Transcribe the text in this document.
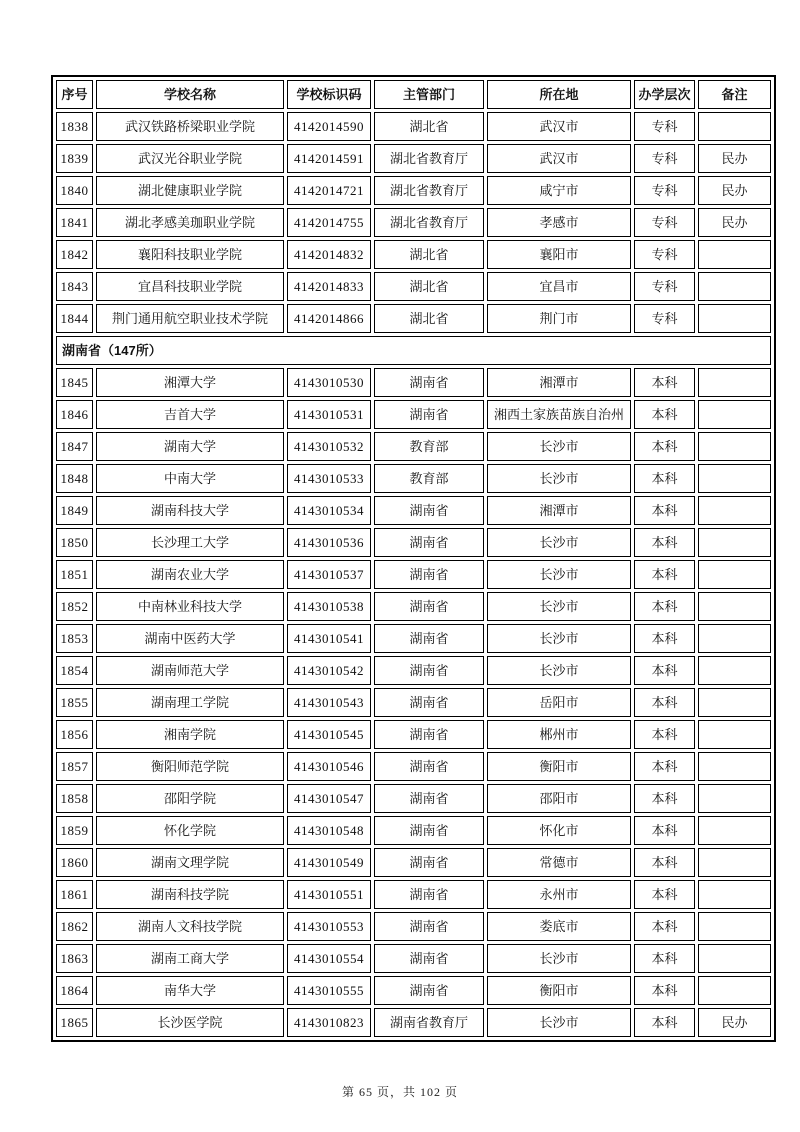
序号	学校名称	学校标识码	主管部门	所在地	办学层次	备注
1838	武汉铁路桥梁职业学院	4142014590	湖北省	武汉市	专科	
1839	武汉光谷职业学院	4142014591	湖北省教育厅	武汉市	专科	民办
1840	湖北健康职业学院	4142014721	湖北省教育厅	咸宁市	专科	民办
1841	湖北孝感美珈职业学院	4142014755	湖北省教育厅	孝感市	专科	民办
1842	襄阳科技职业学院	4142014832	湖北省	襄阳市	专科	
1843	宜昌科技职业学院	4142014833	湖北省	宜昌市	专科	
1844	荆门通用航空职业技术学院	4142014866	湖北省	荆门市	专科	
湖南省（147所）						
1845	湘潭大学	4143010530	湖南省	湘潭市	本科	
1846	吉首大学	4143010531	湖南省	湘西土家族苗族自治州	本科	
1847	湖南大学	4143010532	教育部	长沙市	本科	
1848	中南大学	4143010533	教育部	长沙市	本科	
1849	湖南科技大学	4143010534	湖南省	湘潭市	本科	
1850	长沙理工大学	4143010536	湖南省	长沙市	本科	
1851	湖南农业大学	4143010537	湖南省	长沙市	本科	
1852	中南林业科技大学	4143010538	湖南省	长沙市	本科	
1853	湖南中医药大学	4143010541	湖南省	长沙市	本科	
1854	湖南师范大学	4143010542	湖南省	长沙市	本科	
1855	湖南理工学院	4143010543	湖南省	岳阳市	本科	
1856	湘南学院	4143010545	湖南省	郴州市	本科	
1857	衡阳师范学院	4143010546	湖南省	衡阳市	本科	
1858	邵阳学院	4143010547	湖南省	邵阳市	本科	
1859	怀化学院	4143010548	湖南省	怀化市	本科	
1860	湖南文理学院	4143010549	湖南省	常德市	本科	
1861	湖南科技学院	4143010551	湖南省	永州市	本科	
1862	湖南人文科技学院	4143010553	湖南省	娄底市	本科	
1863	湖南工商大学	4143010554	湖南省	长沙市	本科	
1864	南华大学	4143010555	湖南省	衡阳市	本科	
1865	长沙医学院	4143010823	湖南省教育厅	长沙市	本科	民办
第 65 页，共 102 页
